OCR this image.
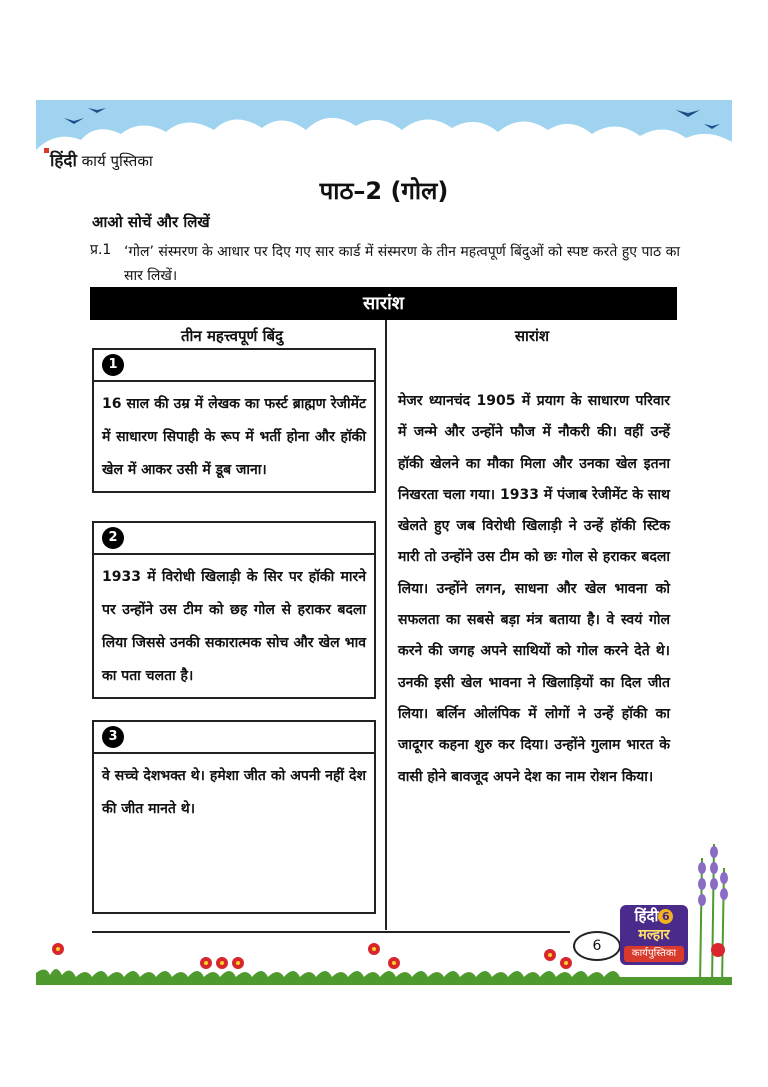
हिंदी कार्य पुस्तिका
पाठ–2 (गोल)
आओ सोचें और लिखें
प्र.1 ‘गोल’ संस्मरण के आधार पर दिए गए सार कार्ड में संस्मरण के तीन महत्वपूर्ण बिंदुओं को स्पष्ट करते हुए पाठ का सार लिखें।
सारांश
तीन महत्त्वपूर्ण बिंदु	सारांश
1
16 साल की उम्र में लेखक का फर्स्ट ब्राह्मण रेजीमेंट में साधारण सिपाही के रूप में भर्ती होना और हॉकी खेल में आकर उसी में डूब जाना।
2
1933 में विरोधी खिलाड़ी के सिर पर हॉकी मारने पर उन्होंने उस टीम को छह गोल से हराकर बदला लिया जिससे उनकी सकारात्मक सोच और खेल भाव का पता चलता है।
3
वे सच्चे देशभक्त थे। हमेशा जीत को अपनी नहीं देश की जीत मानते थे।
मेजर ध्यानचंद 1905 में प्रयाग के साधारण परिवार में जन्मे और उन्होंने फौज में नौकरी की। वहीं उन्हें हॉकी खेलने का मौका मिला और उनका खेल इतना निखरता चला गया। 1933 में पंजाब रेजीमेंट के साथ खेलते हुए जब विरोधी खिलाड़ी ने उन्हें हॉकी स्टिक मारी तो उन्होंने उस टीम को छः गोल से हराकर बदला लिया। उन्होंने लगन, साधना और खेल भावना को सफलता का सबसे बड़ा मंत्र बताया है। वे स्वयं गोल करने की जगह अपने साथियों को गोल करने देते थे। उनकी इसी खेल भावना ने खिलाड़ियों का दिल जीत लिया। बर्लिन ओलंपिक में लोगों ने उन्हें हॉकी का जादूगर कहना शुरु कर दिया। उन्होंने गुलाम भारत के वासी होने बावजूद अपने देश का नाम रोशन किया।
6
हिंदी 6
मल्हार
कार्यपुस्तिका
